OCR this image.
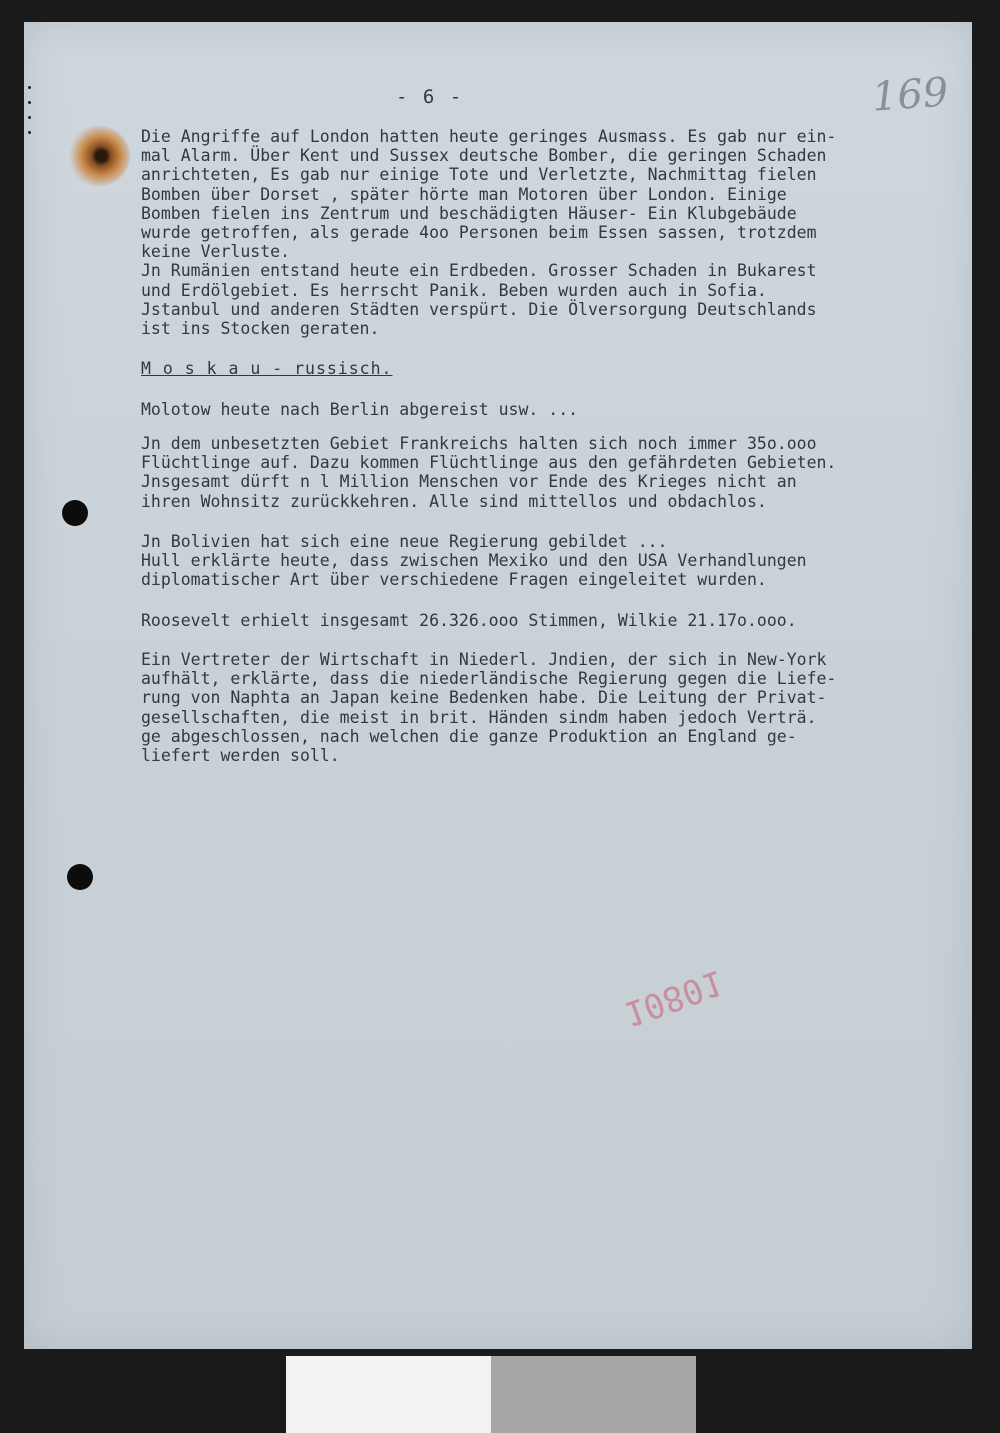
- 6 -	169
Die Angriffe auf London hatten heute geringes Ausmass. Es gab nur ein-
mal Alarm. Über Kent und Sussex deutsche Bomber, die geringen Schaden
anrichteten, Es gab nur einige Tote und Verletzte, Nachmittag fielen
Bomben über Dorset , später hörte man Motoren über London. Einige
Bomben fielen ins Zentrum und beschädigten Häuser- Ein Klubgebäude
wurde getroffen, als gerade 4oo Personen beim Essen sassen, trotzdem
keine Verluste.
Jn Rumänien entstand heute ein Erdbeden. Grosser Schaden in Bukarest
und Erdölgebiet. Es herrscht Panik. Beben wurden auch in Sofia.
Jstanbul und anderen Städten verspürt. Die Ölversorgung Deutschlands
ist ins Stocken geraten.
M o s k a u - russisch.
Molotow heute nach Berlin abgereist usw. ...
Jn dem unbesetzten Gebiet Frankreichs halten sich noch immer 35o.ooo
Flüchtlinge auf. Dazu kommen Flüchtlinge aus den gefährdeten Gebieten.
Jnsgesamt dürft n l Million Menschen vor Ende des Krieges nicht an
ihren Wohnsitz zurückkehren. Alle sind mittellos und obdachlos.
Jn Bolivien hat sich eine neue Regierung gebildet ...
Hull erklärte heute, dass zwischen Mexiko und den USA Verhandlungen
diplomatischer Art über verschiedene Fragen eingeleitet wurden.
Roosevelt erhielt insgesamt 26.326.ooo Stimmen, Wilkie 21.17o.ooo.
Ein Vertreter der Wirtschaft in Niederl. Jndien, der sich in New-York
aufhält, erklärte, dass die niederländische Regierung gegen die Liefe-
rung von Naphta an Japan keine Bedenken habe. Die Leitung der Privat-
gesellschaften, die meist in brit. Händen sindm haben jedoch Verträ.
ge abgeschlossen, nach welchen die ganze Produktion an England ge-
liefert werden soll.
10801
